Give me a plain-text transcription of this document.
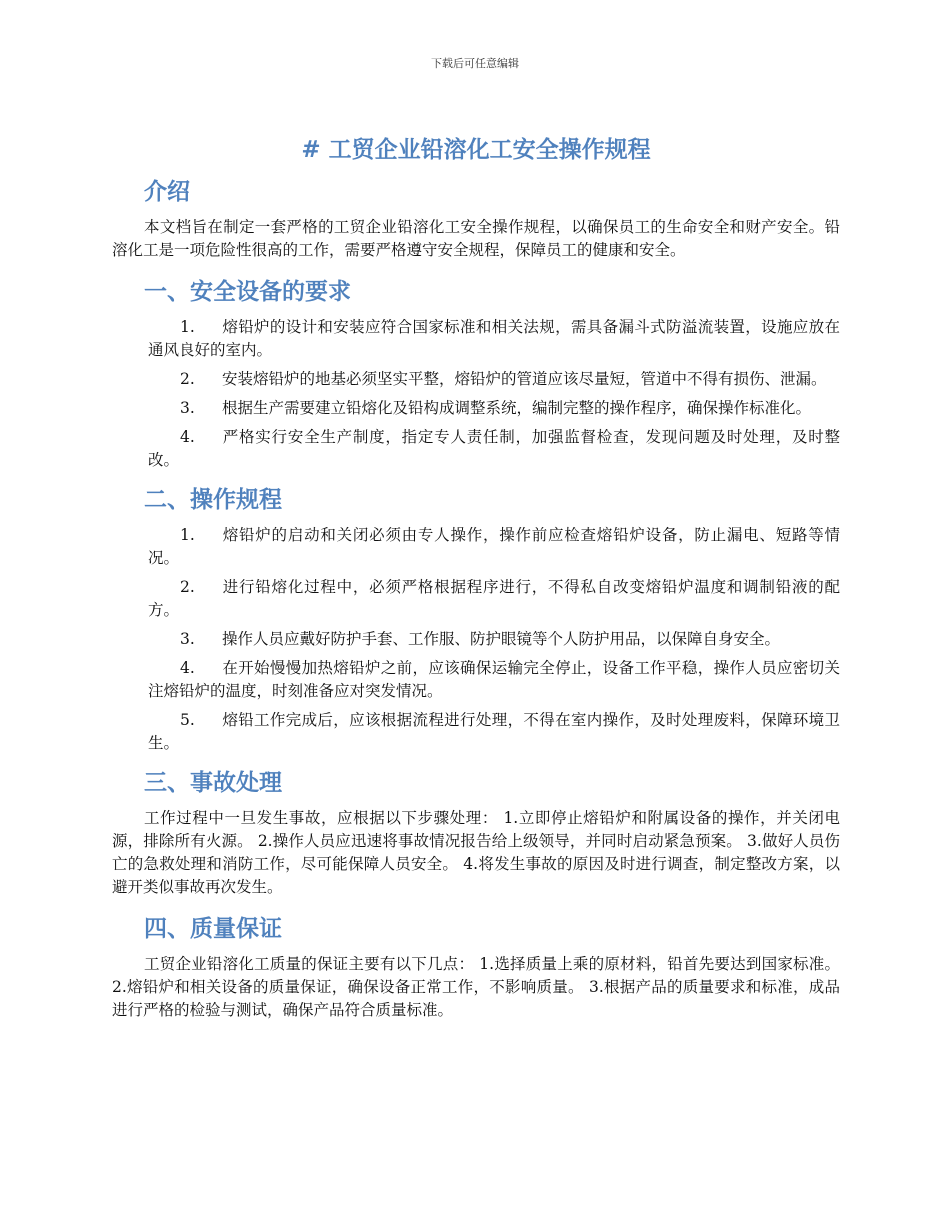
下载后可任意编辑
# 工贸企业铅溶化工安全操作规程
介绍

本文档旨在制定一套严格的工贸企业铅溶化工安全操作规程，以确保员工的生命安全和财产安全。铅溶化工是一项危险性很高的工作，需要严格遵守安全规程，保障员工的健康和安全。

一、安全设备的要求
1. 熔铅炉的设计和安装应符合国家标准和相关法规，需具备漏斗式防溢流装置，设施应放在通风良好的室内。
2. 安装熔铅炉的地基必须坚实平整，熔铅炉的管道应该尽量短，管道中不得有损伤、泄漏。
3. 根据生产需要建立铅熔化及铅构成调整系统，编制完整的操作程序，确保操作标准化。
4. 严格实行安全生产制度，指定专人责任制，加强监督检查，发现问题及时处理，及时整改。
二、操作规程
1. 熔铅炉的启动和关闭必须由专人操作，操作前应检查熔铅炉设备，防止漏电、短路等情况。
2. 进行铅熔化过程中，必须严格根据程序进行，不得私自改变熔铅炉温度和调制铅液的配方。
3. 操作人员应戴好防护手套、工作服、防护眼镜等个人防护用品，以保障自身安全。
4. 在开始慢慢加热熔铅炉之前，应该确保运输完全停止，设备工作平稳，操作人员应密切关注熔铅炉的温度，时刻准备应对突发情况。
5. 熔铅工作完成后，应该根据流程进行处理，不得在室内操作，及时处理废料，保障环境卫生。
三、事故处理

工作过程中一旦发生事故，应根据以下步骤处理： 1.立即停止熔铅炉和附属设备的操作，并关闭电源，排除所有火源。 2.操作人员应迅速将事故情况报告给上级领导，并同时启动紧急预案。 3.做好人员伤亡的急救处理和消防工作，尽可能保障人员安全。 4.将发生事故的原因及时进行调查，制定整改方案，以避开类似事故再次发生。

四、质量保证

工贸企业铅溶化工质量的保证主要有以下几点： 1.选择质量上乘的原材料，铅首先要达到国家标准。 2.熔铅炉和相关设备的质量保证，确保设备正常工作，不影响质量。 3.根据产品的质量要求和标准，成品进行严格的检验与测试，确保产品符合质量标准。
